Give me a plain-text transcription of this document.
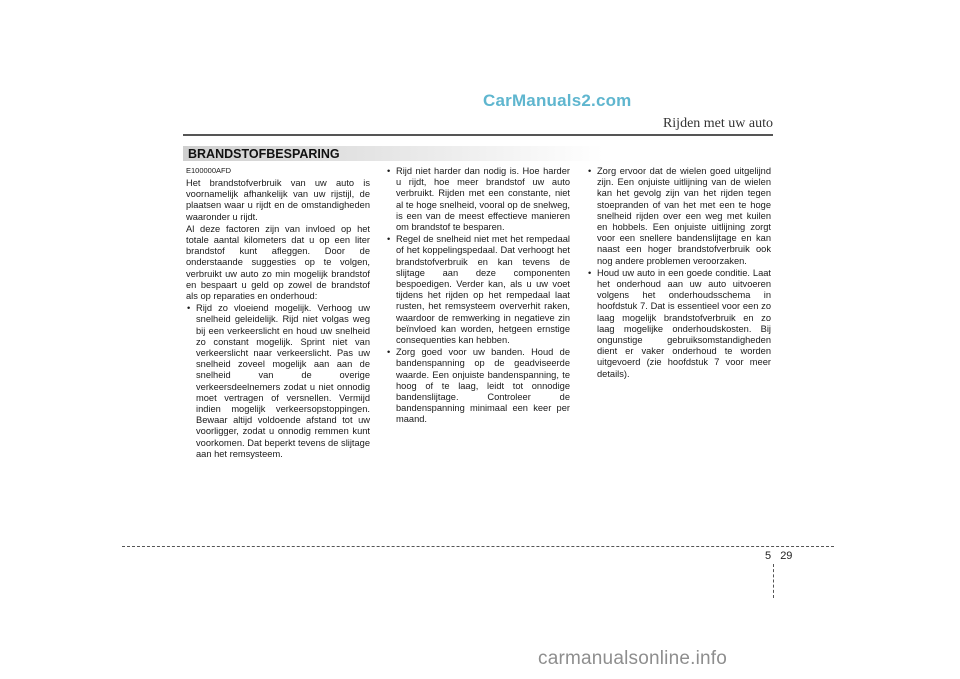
CarManuals2.com
Rijden met uw auto
BRANDSTOFBESPARING

E100000AFD

Het brandstofverbruik van uw auto is voornamelijk afhankelijk van uw rijstijl, de plaatsen waar u rijdt en de omstandigheden waaronder u rijdt.

Al deze factoren zijn van invloed op het totale aantal kilometers dat u op een liter brandstof kunt afleggen. Door de onderstaande suggesties op te volgen, verbruikt uw auto zo min mogelijk brandstof en bespaart u geld op zowel de brandstof als op reparaties en onderhoud:

• Rijd zo vloeiend mogelijk. Verhoog uw snelheid geleidelijk. Rijd niet volgas weg bij een verkeerslicht en houd uw snelheid zo constant mogelijk. Sprint niet van verkeerslicht naar verkeerslicht. Pas uw snelheid zoveel mogelijk aan aan de snelheid van de overige verkeersdeelnemers zodat u niet onnodig moet vertragen of versnellen. Vermijd indien mogelijk verkeersopstoppingen. Bewaar altijd voldoende afstand tot uw voorligger, zodat u onnodig remmen kunt voorkomen. Dat beperkt tevens de slijtage aan het remsysteem.
• Rijd niet harder dan nodig is. Hoe harder u rijdt, hoe meer brandstof uw auto verbruikt. Rijden met een constante, niet al te hoge snelheid, vooral op de snelweg, is een van de meest effectieve manieren om brandstof te besparen.
• Regel de snelheid niet met het rempedaal of het koppelingspedaal. Dat verhoogt het brandstofverbruik en kan tevens de slijtage aan deze componenten bespoedigen. Verder kan, als u uw voet tijdens het rijden op het rempedaal laat rusten, het remsysteem oververhit raken, waardoor de remwerking in negatieve zin beïnvloed kan worden, hetgeen ernstige consequenties kan hebben.
• Zorg goed voor uw banden. Houd de bandenspanning op de geadviseerde waarde. Een onjuiste bandenspanning, te hoog of te laag, leidt tot onnodige bandenslijtage. Controleer de bandenspanning minimaal een keer per maand.
• Zorg ervoor dat de wielen goed uitgelijnd zijn. Een onjuiste uitlijning van de wielen kan het gevolg zijn van het rijden tegen stoepranden of van het met een te hoge snelheid rijden over een weg met kuilen en hobbels. Een onjuiste uitlijning zorgt voor een snellere bandenslijtage en kan naast een hoger brandstofverbruik ook nog andere problemen veroorzaken.
• Houd uw auto in een goede conditie. Laat het onderhoud aan uw auto uitvoeren volgens het onderhoudsschema in hoofdstuk 7. Dat is essentieel voor een zo laag mogelijk brandstofverbruik en zo laag mogelijke onderhoudskosten. Bij ongunstige gebruiksomstandigheden dient er vaker onderhoud te worden uitgevoerd (zie hoofdstuk 7 voor meer details).
5 29
carmanualsonline.info
